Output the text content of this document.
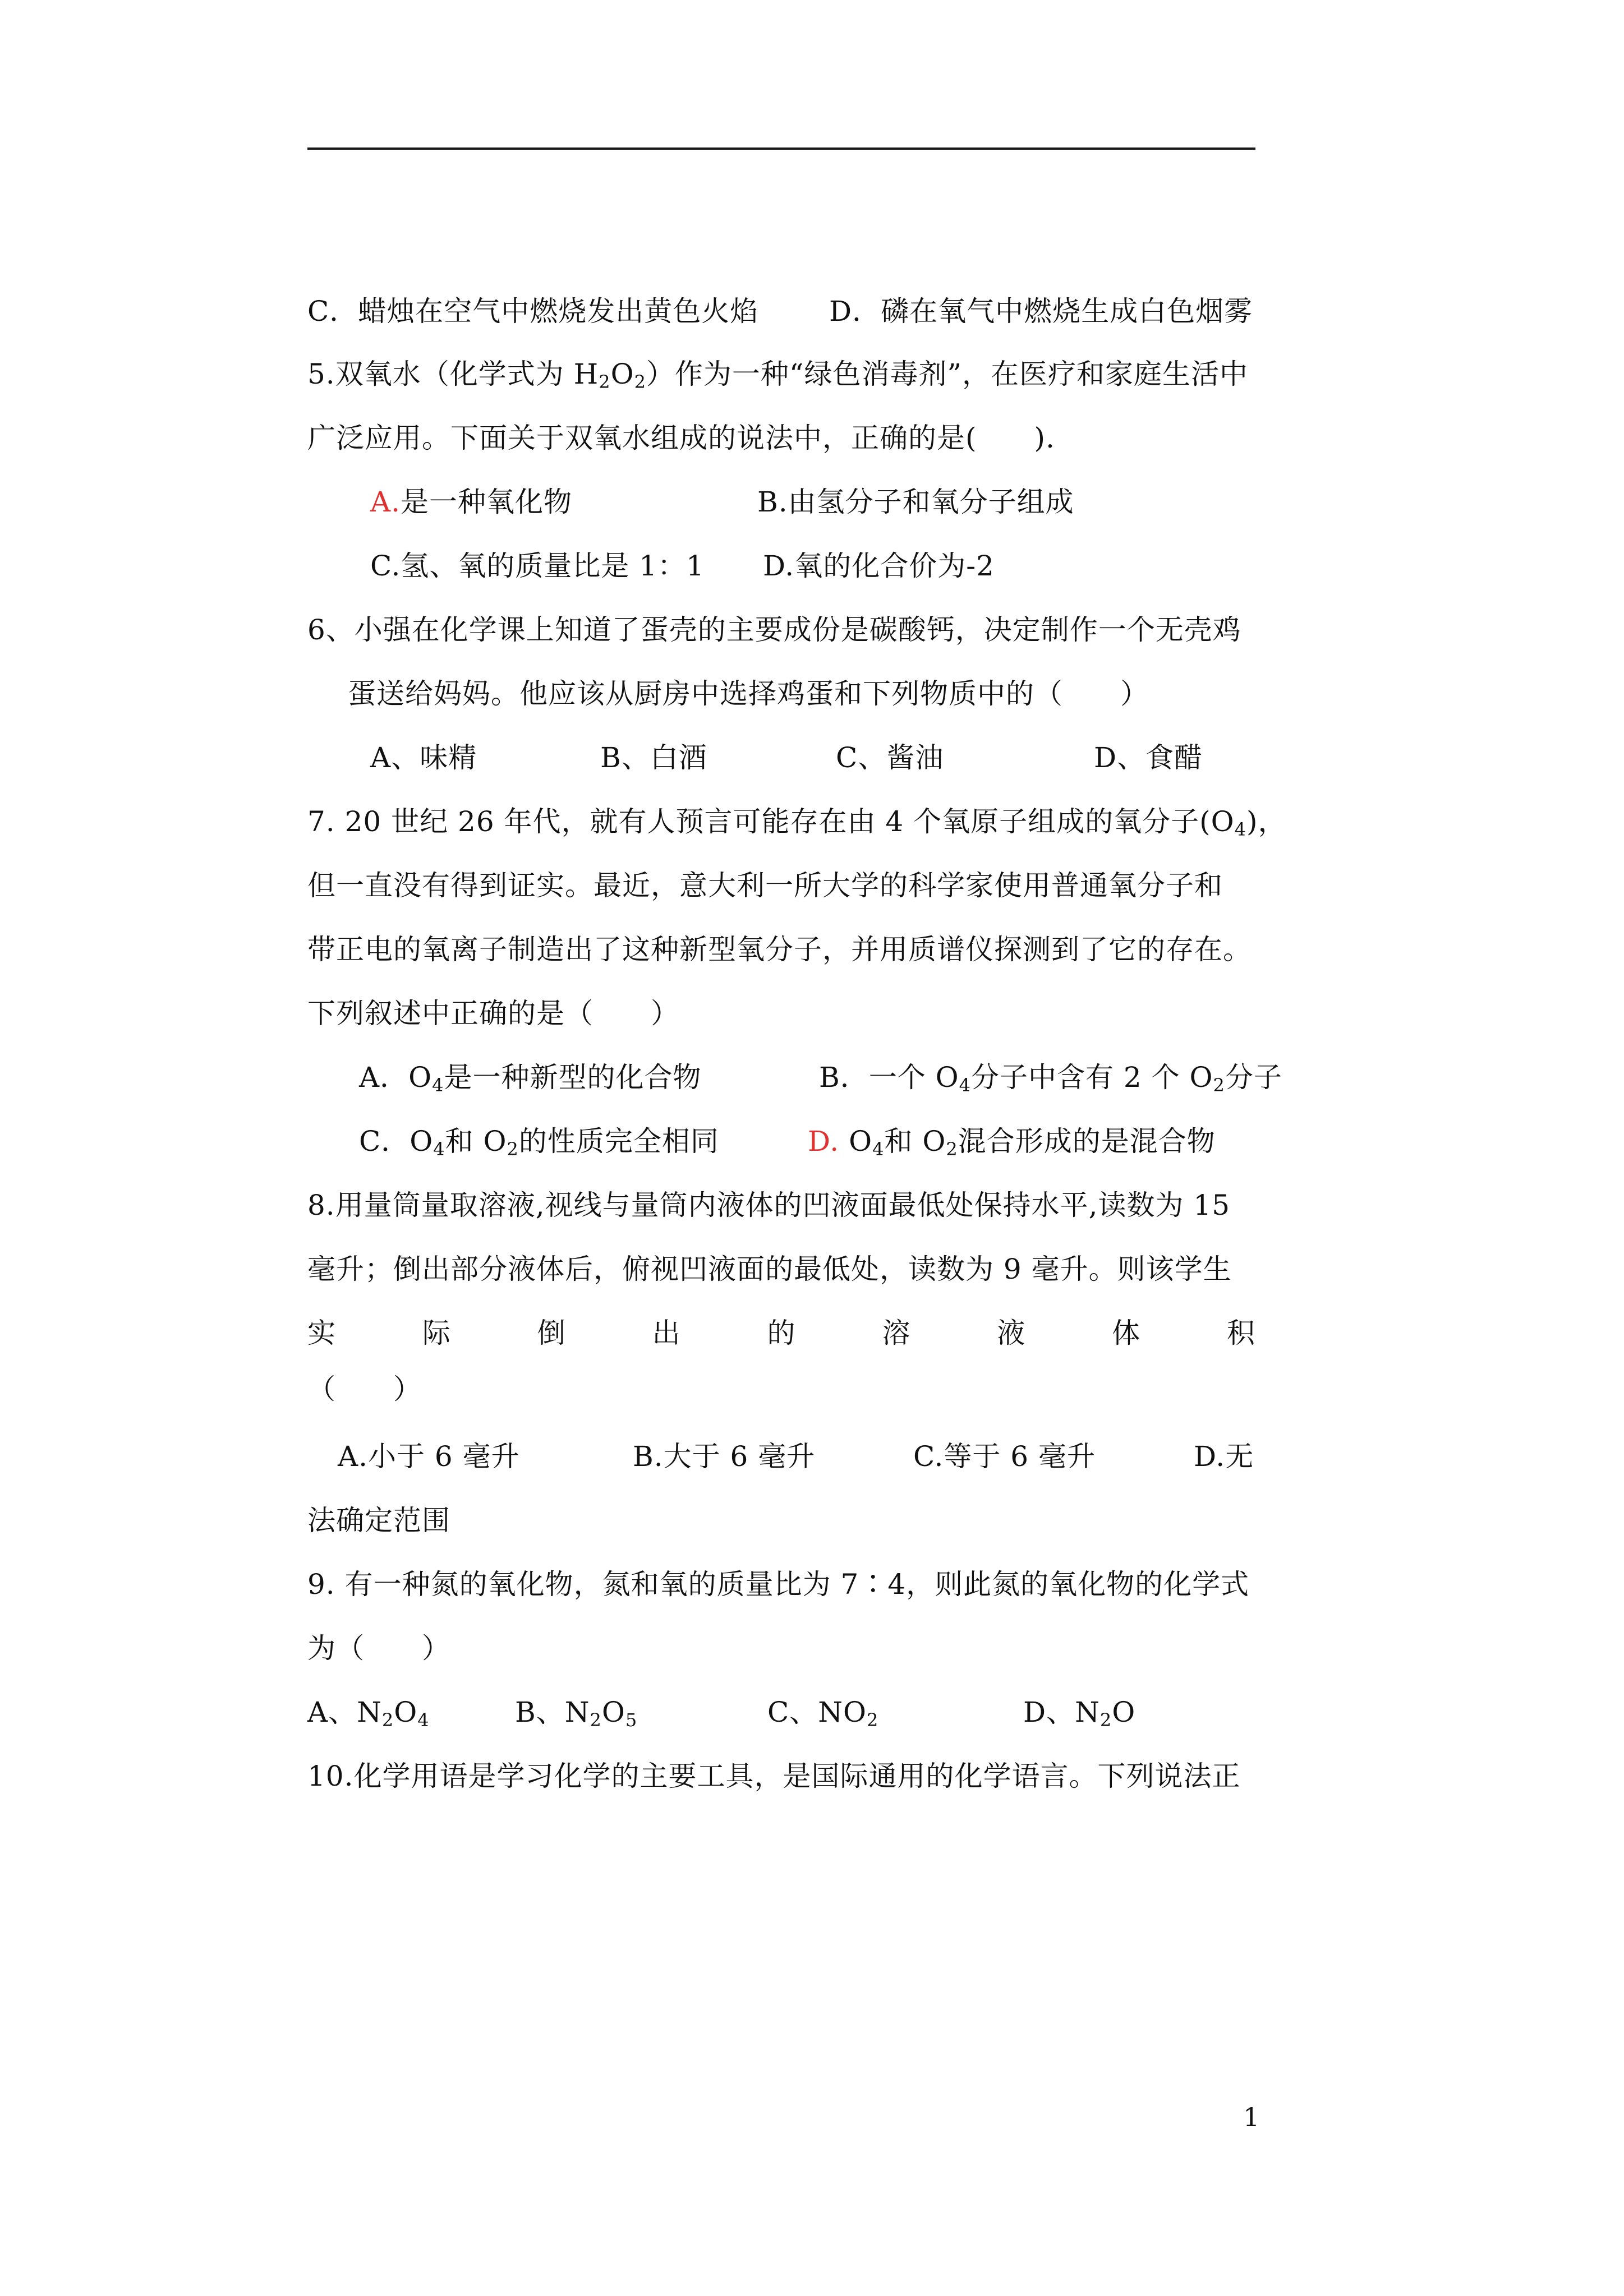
C．蜡烛在空气中燃烧发出黄色火焰	D．磷在氧气中燃烧生成白色烟雾
5.双氧水（化学式为 $H_2O_2$）作为一种“绿色消毒剂”，在医疗和家庭生活中
广泛应用。下面关于双氧水组成的说法中，正确的是(　　).
A.是一种氧化物	B.由氢分子和氧分子组成
C.氢、氧的质量比是 1：1 D.氧的化合价为-2
6、小强在化学课上知道了蛋壳的主要成份是碳酸钙，决定制作一个无壳鸡
蛋送给妈妈。他应该从厨房中选择鸡蛋和下列物质中的（　　）
A、味精	B、白酒	C、酱油	D、食醋
7. 20 世纪 26 年代，就有人预言可能存在由 4 个氧原子组成的氧分子$(O_4)$，
但一直没有得到证实。最近，意大利一所大学的科学家使用普通氧分子和
带正电的氧离子制造出了这种新型氧分子，并用质谱仪探测到了它的存在。
下列叙述中正确的是（　　）
A．$O_4$是一种新型的化合物	B．一个 $O_4$分子中含有 2 个 $O_2$分子
C．$O_4$和 $O_2$的性质完全相同	D. $O_4$和 $O_2$混合形成的是混合物
8.用量筒量取溶液,视线与量筒内液体的凹液面最低处保持水平,读数为 15
毫升；倒出部分液体后，俯视凹液面的最低处，读数为 9 毫升。则该学生
实	际	倒	出	的	溶	液	体	积
（　　）
A.小于 6 毫升	B.大于 6 毫升	C.等于 6 毫升	D.无
法确定范围
9. 有一种氮的氧化物，氮和氧的质量比为 7∶4，则此氮的氧化物的化学式
为（　　）
A、$N_2O_4$	B、$N_2O_5$	C、$NO_2$	D、$N_2O$
10.化学用语是学习化学的主要工具，是国际通用的化学语言。下列说法正
1
